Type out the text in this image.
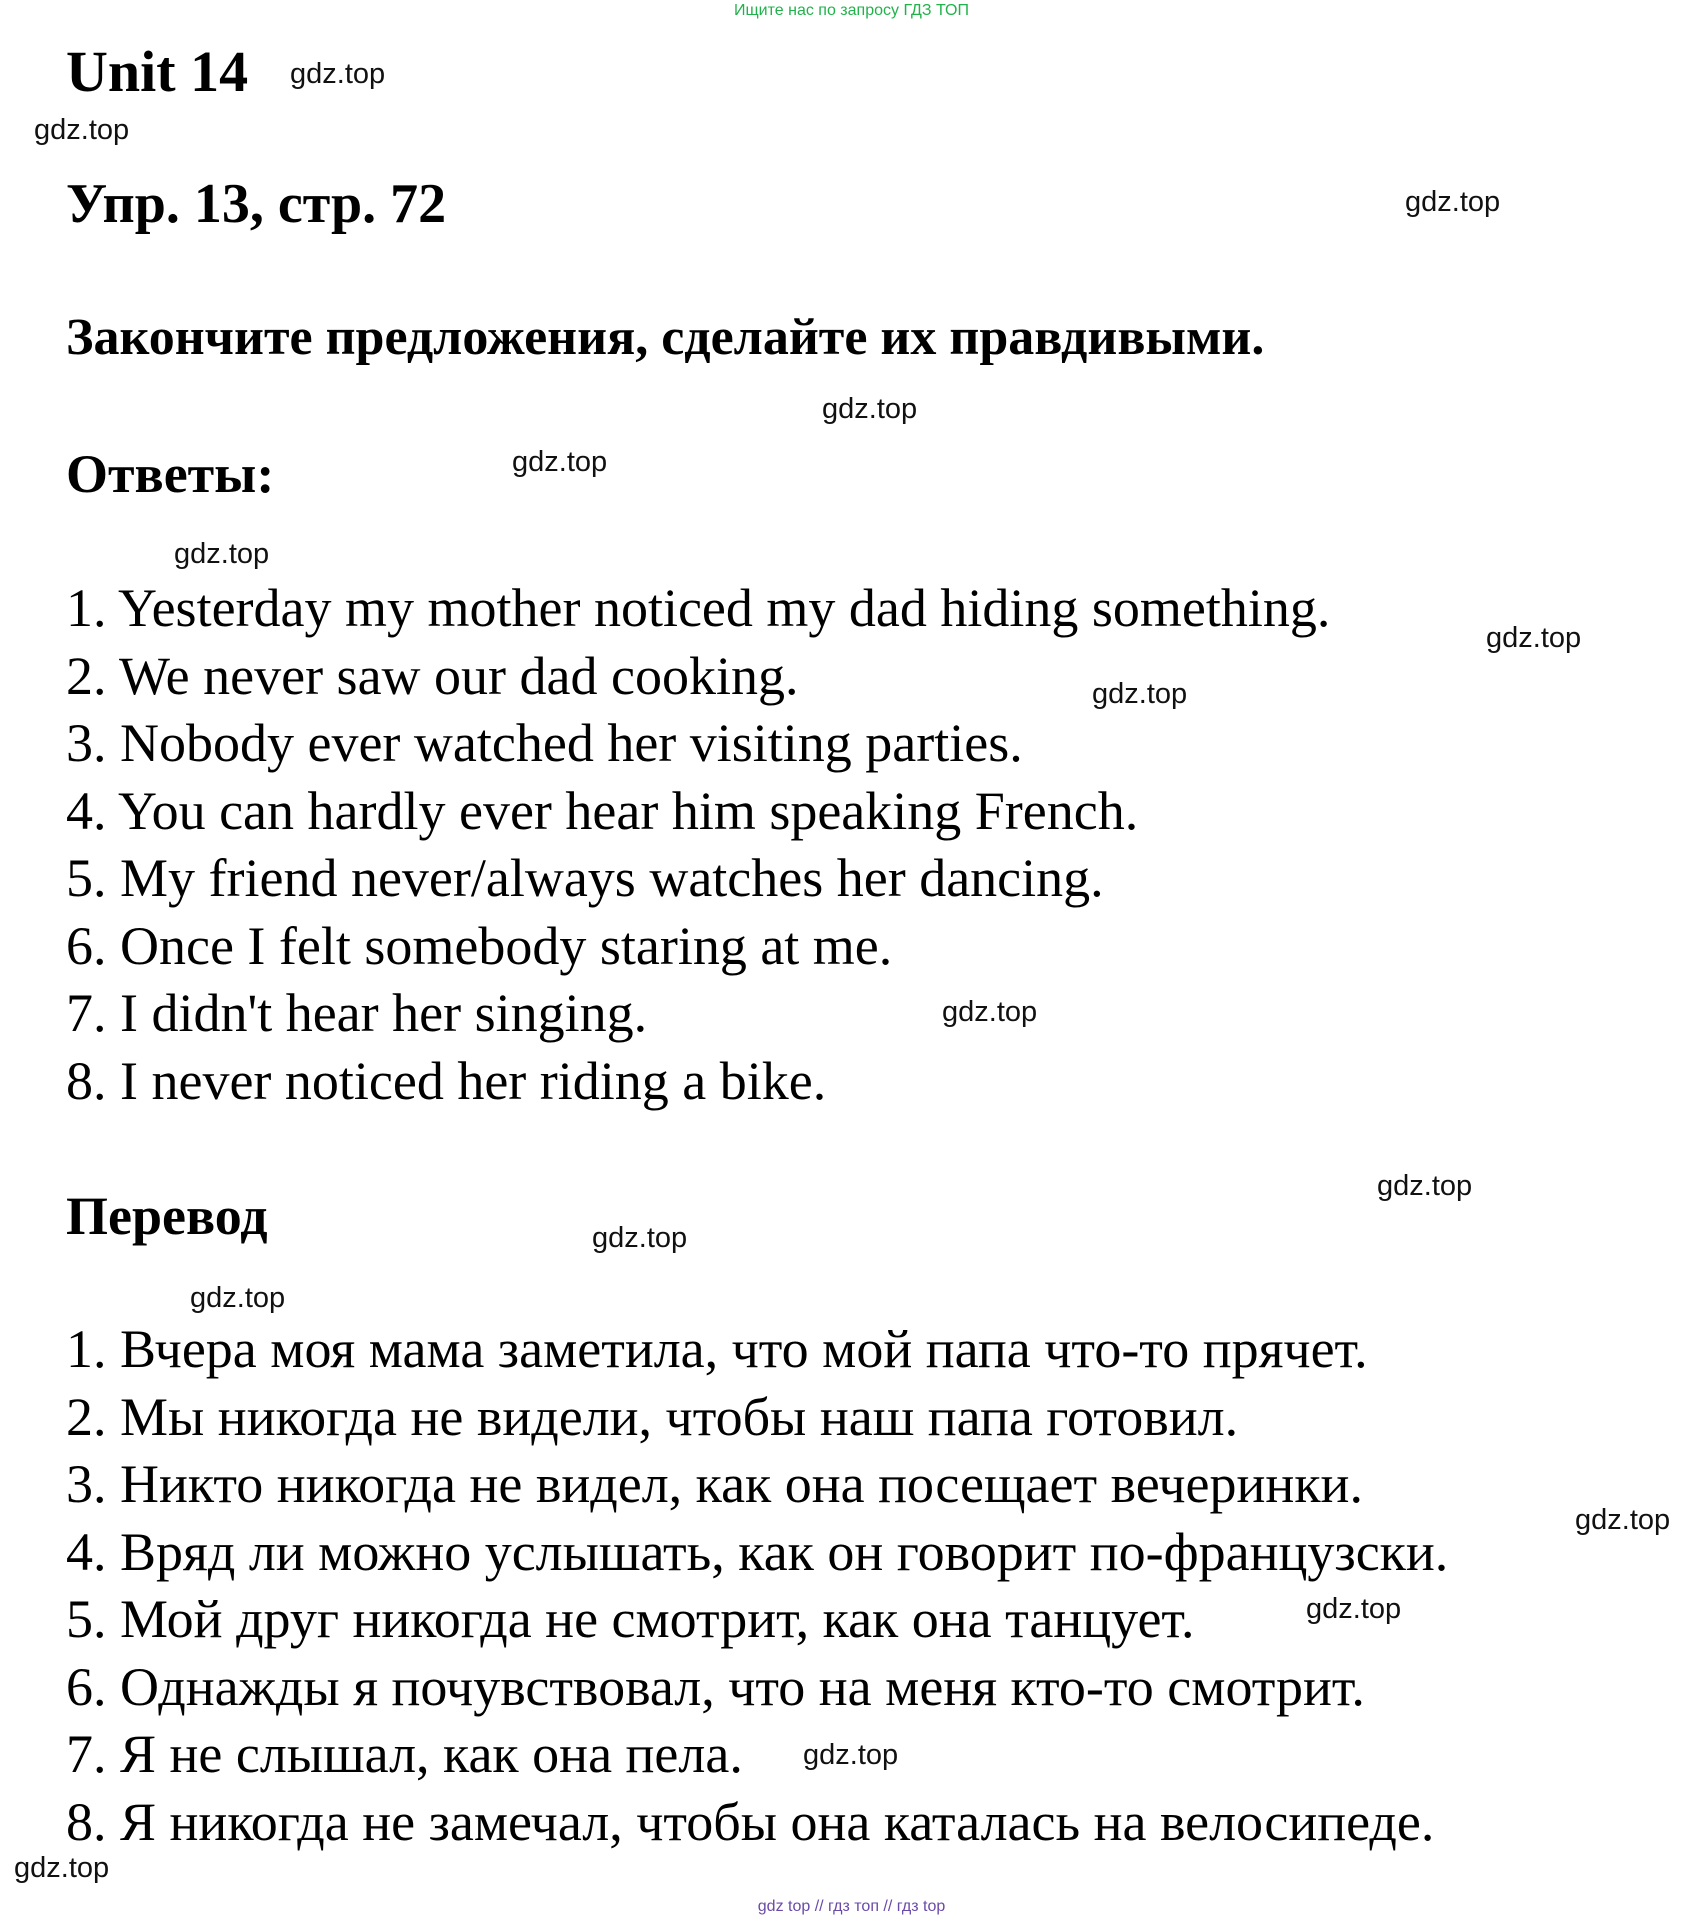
Ищите нас по запросу ГДЗ ТОП
Unit 14
Упр. 13, стр. 72
Закончите предложения, сделайте их правдивыми.
Ответы:
1. Yesterday my mother noticed my dad hiding something.
2. We never saw our dad cooking.
3. Nobody ever watched her visiting parties.
4. You can hardly ever hear him speaking French.
5. My friend never/always watches her dancing.
6. Once I felt somebody staring at me.
7. I didn't hear her singing.
8. I never noticed her riding a bike.
Перевод
1. Вчера моя мама заметила, что мой папа что-то прячет.
2. Мы никогда не видели, чтобы наш папа готовил.
3. Никто никогда не видел, как она посещает вечеринки.
4. Вряд ли можно услышать, как он говорит по-французски.
5. Мой друг никогда не смотрит, как она танцует.
6. Однажды я почувствовал, что на меня кто-то смотрит.
7. Я не слышал, как она пела.
8. Я никогда не замечал, чтобы она каталась на велосипеде.
gdz.top
gdz.top
gdz.top
gdz.top
gdz.top
gdz.top
gdz.top
gdz.top
gdz.top
gdz.top
gdz.top
gdz.top
gdz.top
gdz.top
gdz.top
gdz.top
gdz top // гдз топ // гдз top
